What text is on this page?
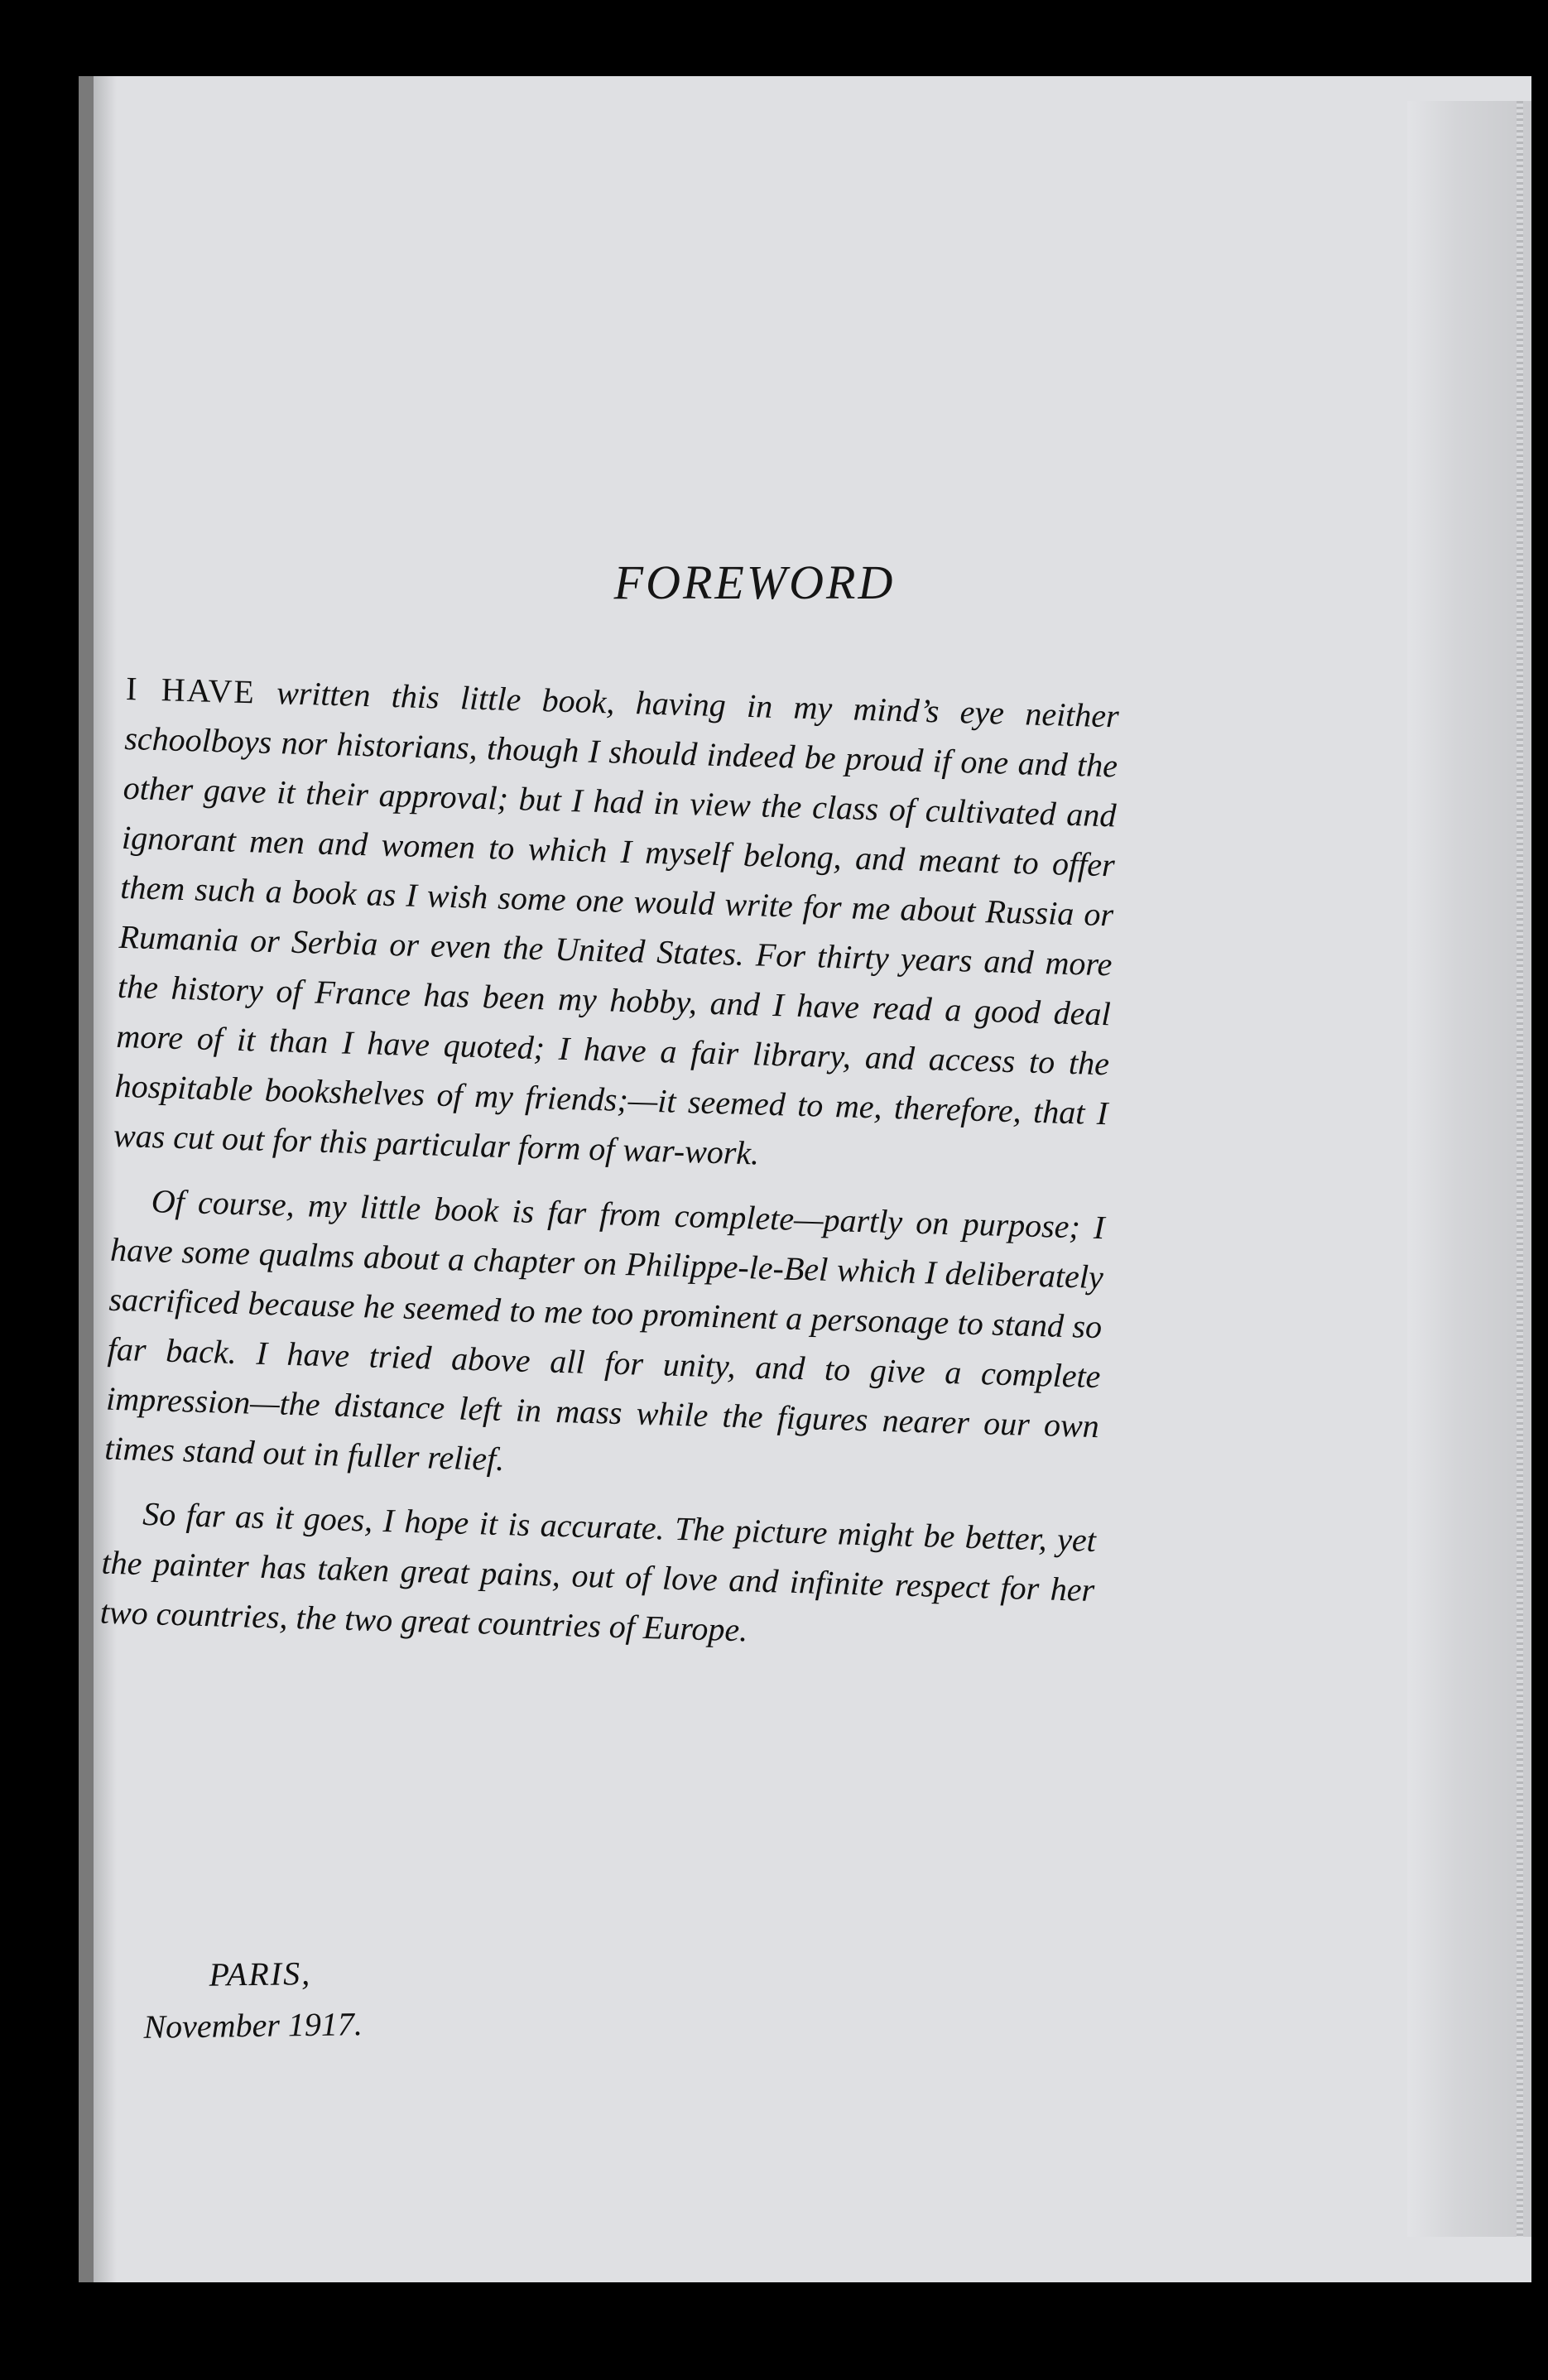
FOREWORD

I HAVE written this little book, having in my mind’s eye neither schoolboys nor historians, though I should indeed be proud if one and the other gave it their approval; but I had in view the class of cultivated and ignorant men and women to which I myself belong, and meant to offer them such a book as I wish some one would write for me about Russia or Rumania or Serbia or even the United States. For thirty years and more the history of France has been my hobby, and I have read a good deal more of it than I have quoted; I have a fair library, and access to the hospitable bookshelves of my friends;—it seemed to me, therefore, that I was cut out for this particular form of war-work.

Of course, my little book is far from complete—partly on purpose; I have some qualms about a chapter on Philippe-le-Bel which I deliberately sacrificed because he seemed to me too prominent a personage to stand so far back. I have tried above all for unity, and to give a complete impression—the distance left in mass while the figures nearer our own times stand out in fuller relief.

So far as it goes, I hope it is accurate. The picture might be better, yet the painter has taken great pains, out of love and infinite respect for her two countries, the two great countries of Europe.

PARIS,
November 1917.
